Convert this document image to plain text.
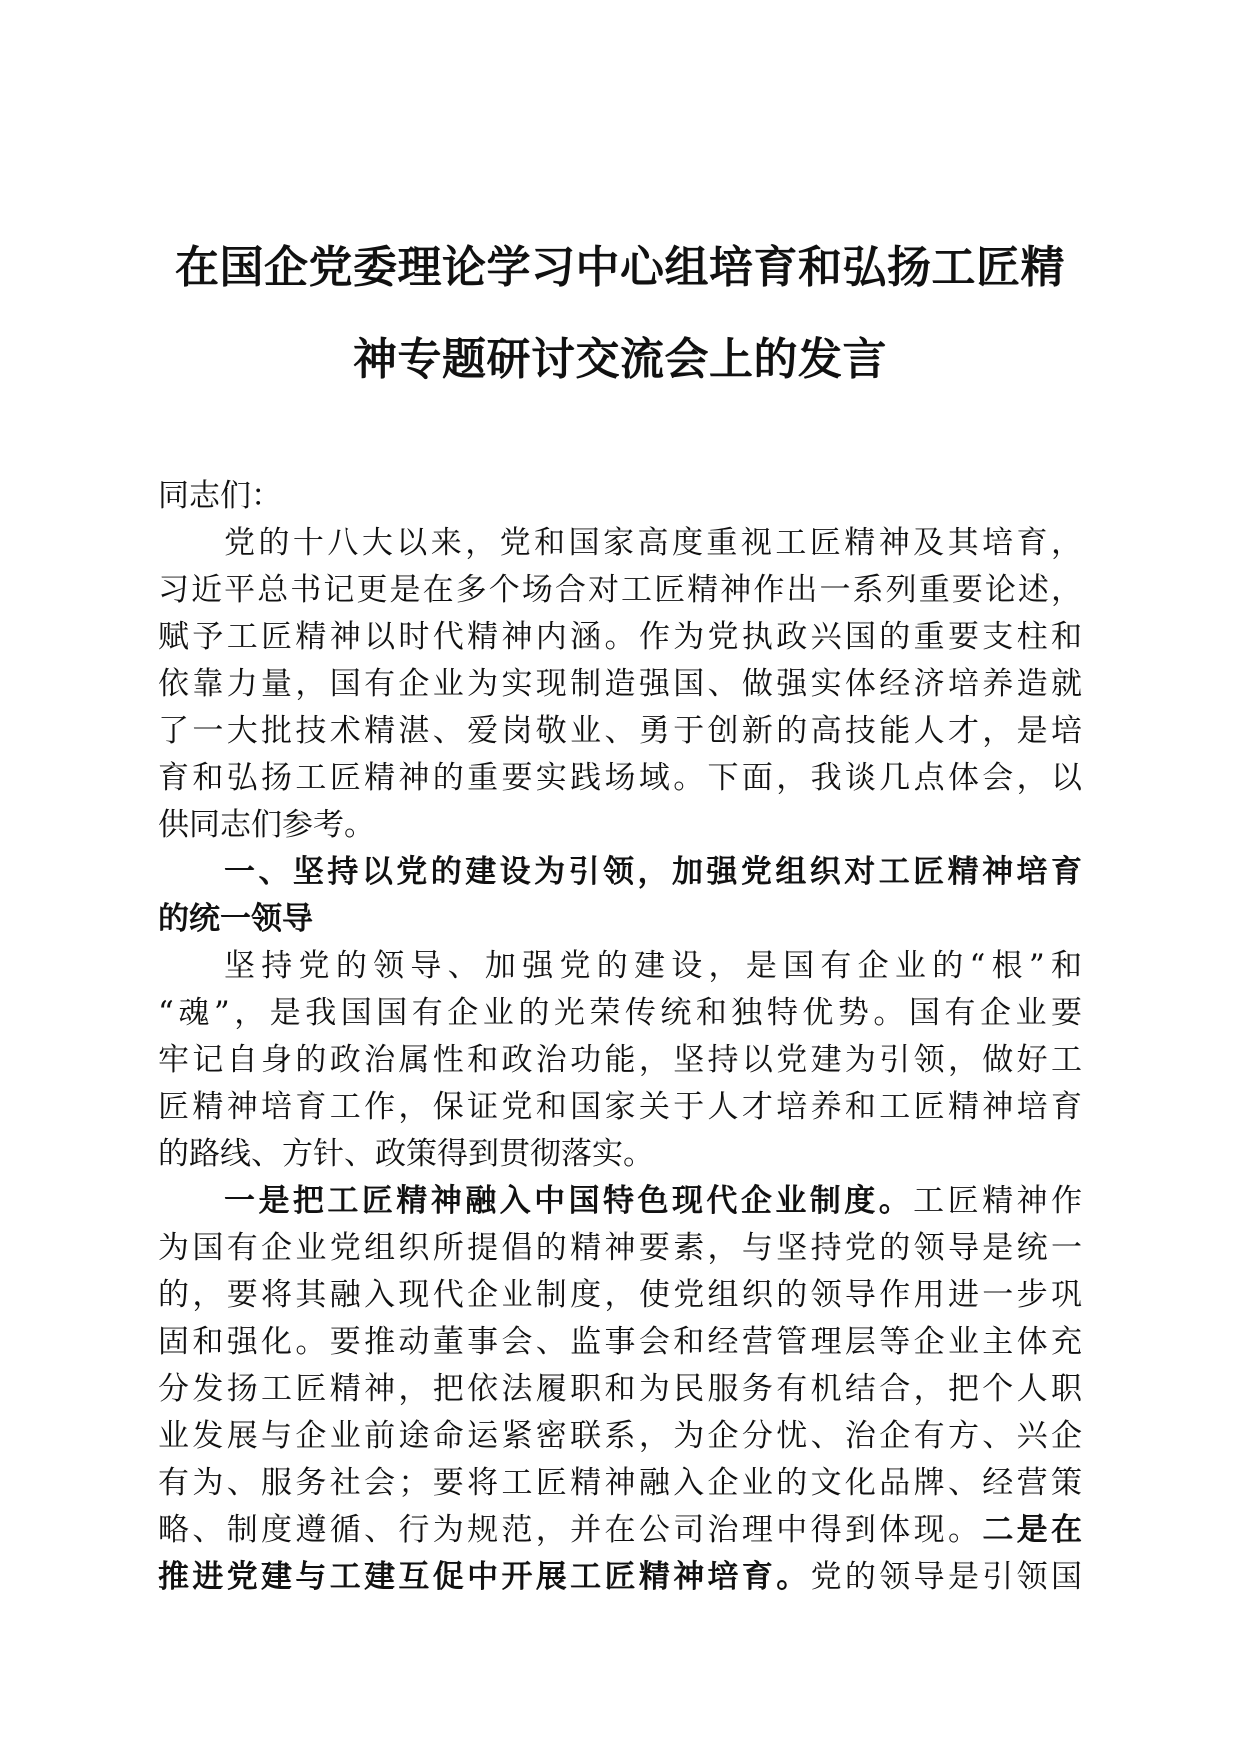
在国企党委理论学习中心组培育和弘扬工匠精
神专题研讨交流会上的发言
同志们：
党的十八大以来，党和国家高度重视工匠精神及其培育，
习近平总书记更是在多个场合对工匠精神作出一系列重要论述，
赋予工匠精神以时代精神内涵。作为党执政兴国的重要支柱和
依靠力量，国有企业为实现制造强国、做强实体经济培养造就
了一大批技术精湛、爱岗敬业、勇于创新的高技能人才，是培
育和弘扬工匠精神的重要实践场域。下面，我谈几点体会，以
供同志们参考。
一、坚持以党的建设为引领，加强党组织对工匠精神培育
的统一领导
坚持党的领导、加强党的建设，是国有企业的“根”和
“魂”，是我国国有企业的光荣传统和独特优势。国有企业要
牢记自身的政治属性和政治功能，坚持以党建为引领，做好工
匠精神培育工作，保证党和国家关于人才培养和工匠精神培育
的路线、方针、政策得到贯彻落实。
一是把工匠精神融入中国特色现代企业制度。工匠精神作
为国有企业党组织所提倡的精神要素，与坚持党的领导是统一
的，要将其融入现代企业制度，使党组织的领导作用进一步巩
固和强化。要推动董事会、监事会和经营管理层等企业主体充
分发扬工匠精神，把依法履职和为民服务有机结合，把个人职
业发展与企业前途命运紧密联系，为企分忧、治企有方、兴企
有为、服务社会；要将工匠精神融入企业的文化品牌、经营策
略、制度遵循、行为规范，并在公司治理中得到体现。二是在
推进党建与工建互促中开展工匠精神培育。党的领导是引领国
